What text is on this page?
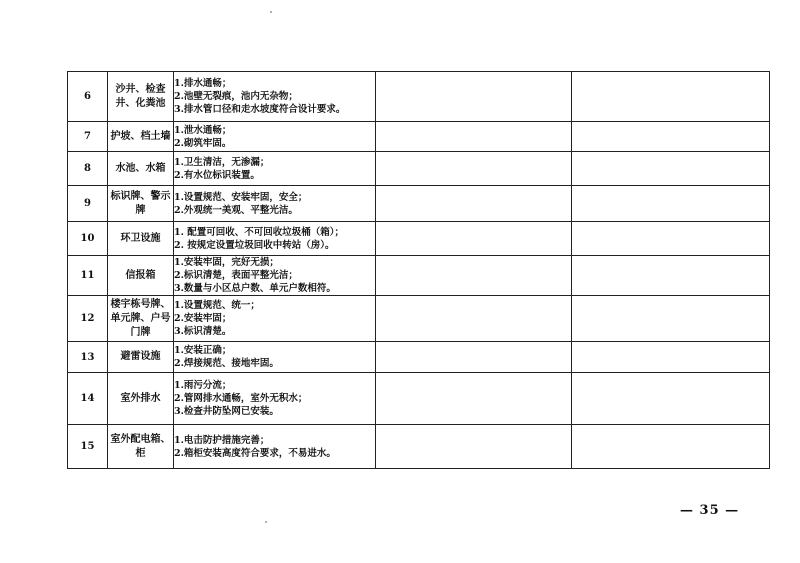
6	沙井、检查井、化粪池	1.排水通畅；
2.池壁无裂痕，池内无杂物；
3.排水管口径和走水坡度符合设计要求。		

7	护坡、档土墙	1.泄水通畅；
2.砌筑牢固。		

8	水池、水箱	1.卫生清洁，无渗漏；
2.有水位标识装置。		

9	标识牌、警示牌	1.设置规范、安装牢固，安全；
2.外观统一美观、平整光洁。		

10	环卫设施	1. 配置可回收、不可回收垃圾桶（箱）；
2. 按规定设置垃圾回收中转站（房）。		

11	信报箱	1.安装牢固，完好无损；
2.标识清楚，表面平整光洁；
3.数量与小区总户数、单元户数相符。		

12	楼宇栋号牌、单元牌、户号门牌	1.设置规范、统一；
2.安装牢固；
3.标识清楚。		

13	避雷设施	1.安装正确；
2.焊接规范、接地牢固。		

14	室外排水	1.雨污分流；
2.管网排水通畅，室外无积水；
3.检查井防坠网已安装。		

15	室外配电箱、柜	1.电击防护措施完善；
2.箱柜安装高度符合要求，不易进水。		

— 35 —
